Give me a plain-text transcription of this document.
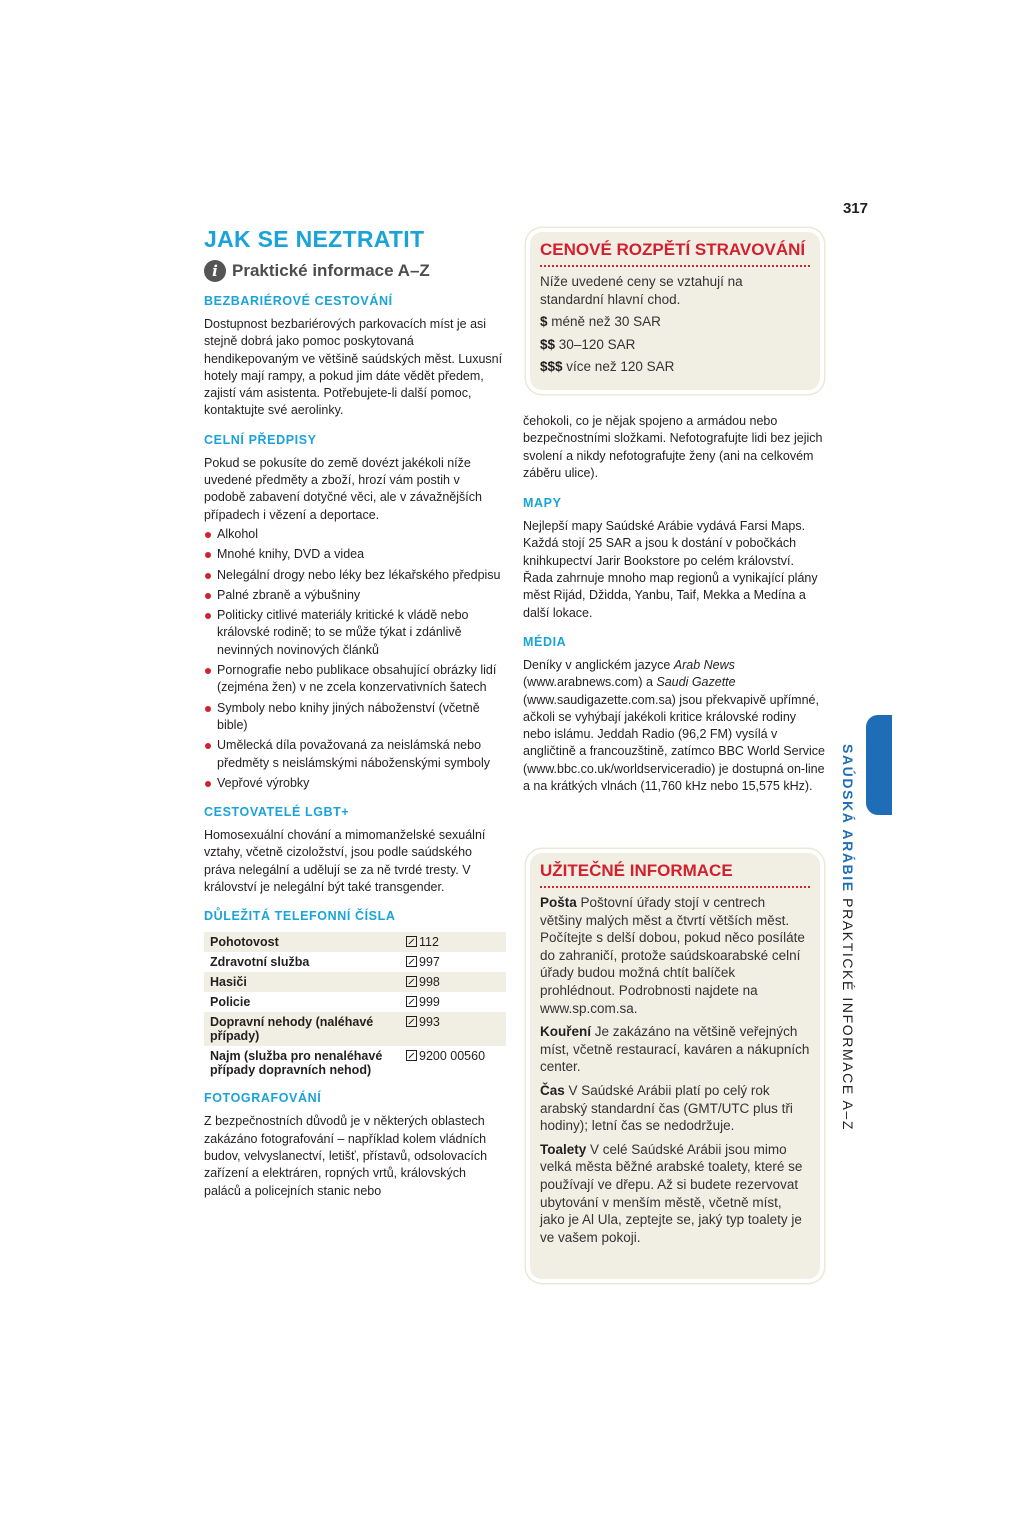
317
JAK SE NEZTRATIT
i Praktické informace A–Z
BEZBARIÉROVÉ CESTOVÁNÍ

Dostupnost bezbariérových parkovacích míst je asi stejně dobrá jako pomoc poskytovaná hendikepovaným ve většině saúdských měst. Luxusní hotely mají rampy, a pokud jim dáte vědět předem, zajistí vám asistenta. Potřebujete-li další pomoc, kontaktujte své aerolinky.

CELNÍ PŘEDPISY

Pokud se pokusíte do země dovézt jakékoli níže uvedené předměty a zboží, hrozí vám postih v podobě zabavení dotyčné věci, ale v závažnějších případech i vězení a deportace.

Alkohol
Mnohé knihy, DVD a videa
Nelegální drogy nebo léky bez lékařského předpisu
Palné zbraně a výbušniny
Politicky citlivé materiály kritické k vládě nebo královské rodině; to se může týkat i zdánlivě nevinných novinových článků
Pornografie nebo publikace obsahující obrázky lidí (zejména žen) v ne zcela konzervativních šatech
Symboly nebo knihy jiných náboženství (včetně bible)
Umělecká díla považovaná za neislámská nebo předměty s neislámskými náboženskými symboly
Vepřové výrobky
CESTOVATELÉ LGBT+

Homosexuální chování a mimomanželské sexuální vztahy, včetně cizoložství, jsou podle saúdského práva nelegální a udělují se za ně tvrdé tresty. V království je nelegální být také transgender.

DŮLEŽITÁ TELEFONNÍ ČÍSLA
Pohotovost	112
Zdravotní služba	997
Hasiči	998
Policie	999
Dopravní nehody (naléhavé případy)	993
Najm (služba pro nenaléhavé případy dopravních nehod)	9200 00560
FOTOGRAFOVÁNÍ

Z bezpečnostních důvodů je v některých oblastech zakázáno fotografování – například kolem vládních budov, velvyslanectví, letišť, přístavů, odsolovacích zařízení a elektráren, ropných vrtů, královských paláců a policejních stanic nebo

CENOVÉ ROZPĚTÍ STRAVOVÁNÍ

Níže uvedené ceny se vztahují na standardní hlavní chod.

$ méně než 30 SAR

$$ 30–120 SAR

$$$ více než 120 SAR

čehokoli, co je nějak spojeno a armádou nebo bezpečnostními složkami. Nefotografujte lidi bez jejich svolení a nikdy nefotografujte ženy (ani na celkovém záběru ulice).

MAPY

Nejlepší mapy Saúdské Arábie vydává Farsi Maps. Každá stojí 25 SAR a jsou k dostání v pobočkách knihkupectví Jarir Bookstore po celém království. Řada zahrnuje mnoho map regionů a vynikající plány měst Rijád, Džidda, Yanbu, Taif, Mekka a Medína a další lokace.

MÉDIA

Deníky v anglickém jazyce Arab News (www.arabnews.com) a Saudi Gazette (www.saudigazette.com.sa) jsou překvapivě upřímné, ačkoli se vyhýbají jakékoli kritice královské rodiny nebo islámu. Jeddah Radio (96,2 FM) vysílá v angličtině a francouzštině, zatímco BBC World Service (www.bbc.co.uk/worldserviceradio) je dostupná on-line a na krátkých vlnách (11,760 kHz nebo 15,575 kHz).

UŽITEČNÉ INFORMACE

Pošta Poštovní úřady stojí v centrech většiny malých měst a čtvrtí větších měst. Počítejte s delší dobou, pokud něco posíláte do zahraničí, protože saúdskoarabské celní úřady budou možná chtít balíček prohlédnout. Podrobnosti najdete na www.sp.com.sa.

Kouření Je zakázáno na většině veřejných míst, včetně restaurací, kaváren a nákupních center.

Čas V Saúdské Arábii platí po celý rok arabský standardní čas (GMT/UTC plus tři hodiny); letní čas se nedodržuje.

Toalety V celé Saúdské Arábii jsou mimo velká města běžné arabské toalety, které se používají ve dřepu. Až si budete rezervovat ubytování v menším městě, včetně míst, jako je Al Ula, zeptejte se, jaký typ toalety je ve vašem pokoji.

SAÚDSKÁ ARÁBIE PRAKTICKÉ INFORMACE A–Z
